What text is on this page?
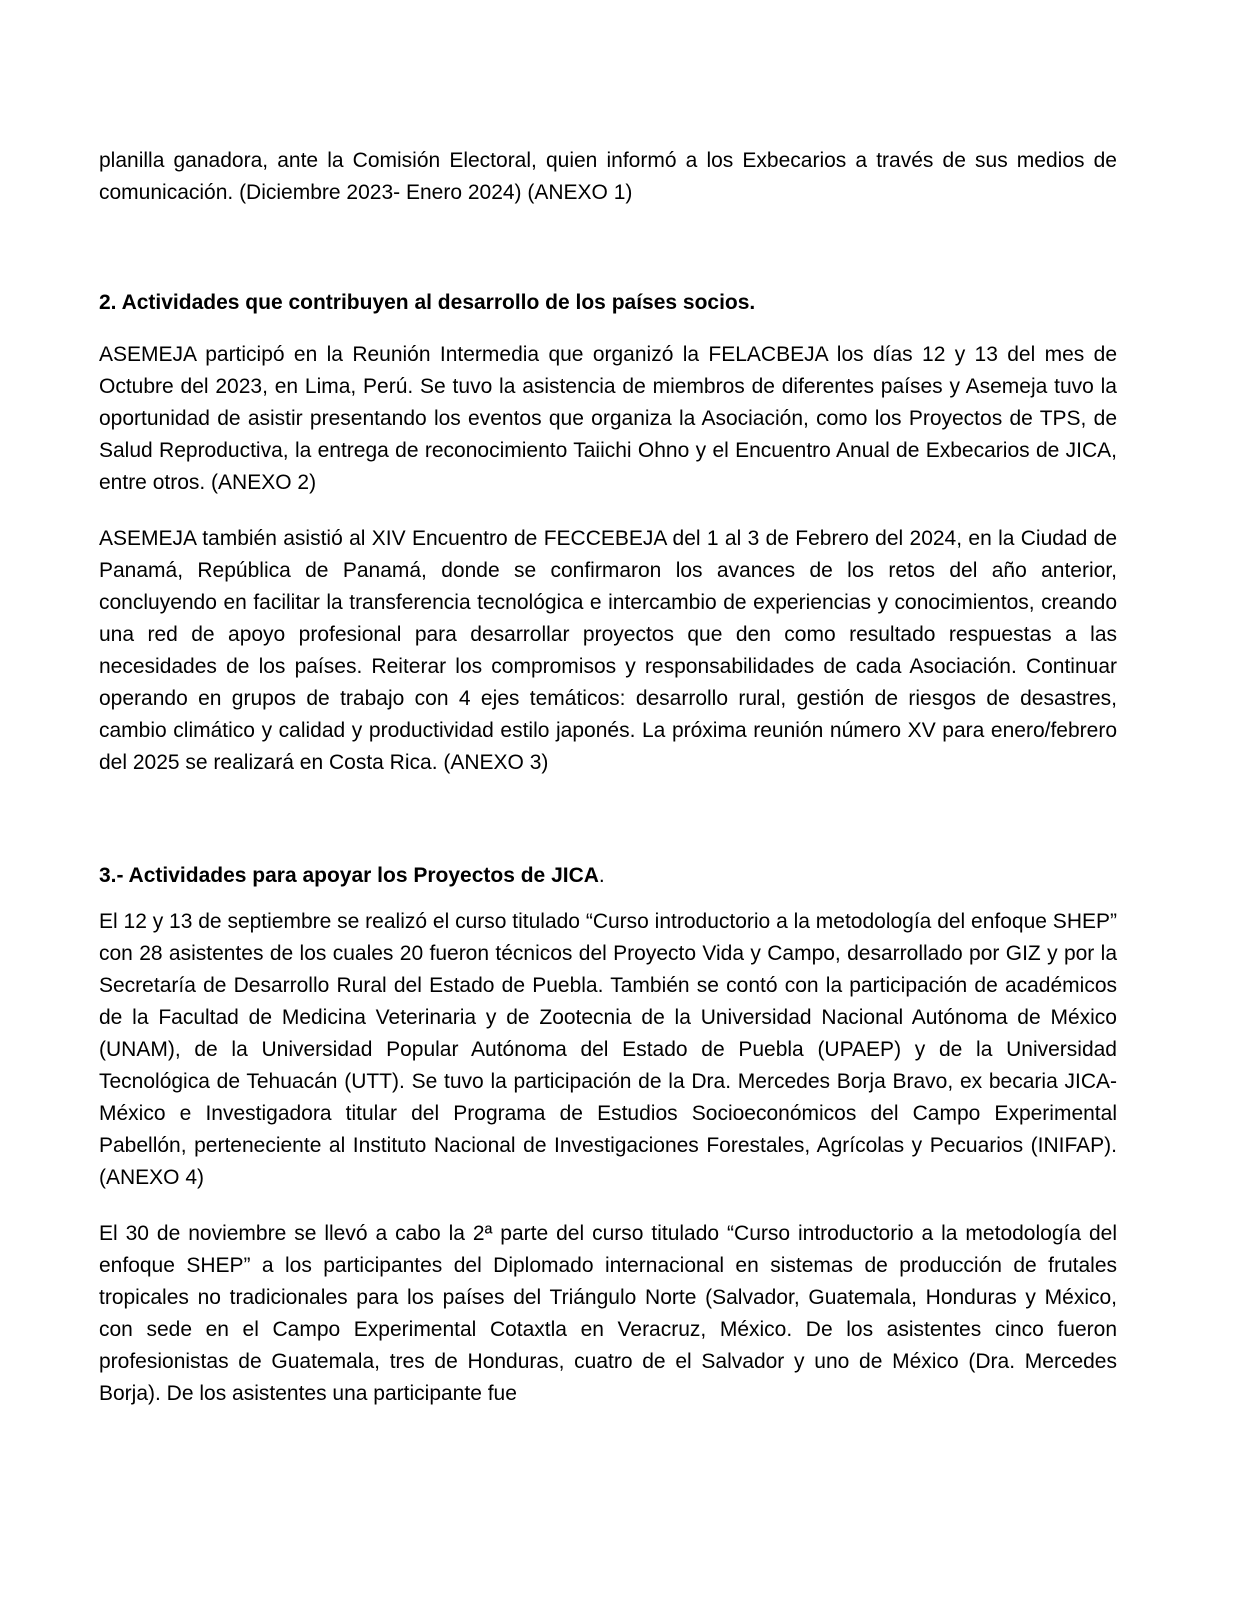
planilla ganadora, ante la Comisión Electoral, quien informó a los Exbecarios a través de sus medios de comunicación. (Diciembre 2023- Enero 2024) (ANEXO 1)

2. Actividades que contribuyen al desarrollo de los países socios.

ASEMEJA participó en la Reunión Intermedia que organizó la FELACBEJA los días 12 y 13 del mes de Octubre del 2023, en Lima, Perú. Se tuvo la asistencia de miembros de diferentes países y Asemeja tuvo la oportunidad de asistir presentando los eventos que organiza la Asociación, como los Proyectos de TPS, de Salud Reproductiva, la entrega de reconocimiento Taiichi Ohno y el Encuentro Anual de Exbecarios de JICA, entre otros. (ANEXO 2)

ASEMEJA también asistió al XIV Encuentro de FECCEBEJA del 1 al 3 de Febrero del 2024, en la Ciudad de Panamá, República de Panamá, donde se confirmaron los avances de los retos del año anterior, concluyendo en facilitar la transferencia tecnológica e intercambio de experiencias y conocimientos, creando una red de apoyo profesional para desarrollar proyectos que den como resultado respuestas a las necesidades de los países. Reiterar los compromisos y responsabilidades de cada Asociación. Continuar operando en grupos de trabajo con 4 ejes temáticos: desarrollo rural, gestión de riesgos de desastres, cambio climático y calidad y productividad estilo japonés. La próxima reunión número XV para enero/febrero del 2025 se realizará en Costa Rica. (ANEXO 3)

3.- Actividades para apoyar los Proyectos de JICA.

El 12 y 13 de septiembre se realizó el curso titulado “Curso introductorio a la metodología del enfoque SHEP” con 28 asistentes de los cuales 20 fueron técnicos del Proyecto Vida y Campo, desarrollado por GIZ y por la Secretaría de Desarrollo Rural del Estado de Puebla. También se contó con la participación de académicos de la Facultad de Medicina Veterinaria y de Zootecnia de la Universidad Nacional Autónoma de México (UNAM), de la Universidad Popular Autónoma del Estado de Puebla (UPAEP) y de la Universidad Tecnológica de Tehuacán (UTT). Se tuvo la participación de la Dra. Mercedes Borja Bravo, ex becaria JICA- México e Investigadora titular del Programa de Estudios Socioeconómicos del Campo Experimental Pabellón, perteneciente al Instituto Nacional de Investigaciones Forestales, Agrícolas y Pecuarios (INIFAP). (ANEXO 4)

El 30 de noviembre se llevó a cabo la 2ª parte del curso titulado “Curso introductorio a la metodología del enfoque SHEP” a los participantes del Diplomado internacional en sistemas de producción de frutales tropicales no tradicionales para los países del Triángulo Norte (Salvador, Guatemala, Honduras y México, con sede en el Campo Experimental Cotaxtla en Veracruz, México. De los asistentes cinco fueron profesionistas de Guatemala, tres de Honduras, cuatro de el Salvador y uno de México (Dra. Mercedes Borja). De los asistentes una participante fue
